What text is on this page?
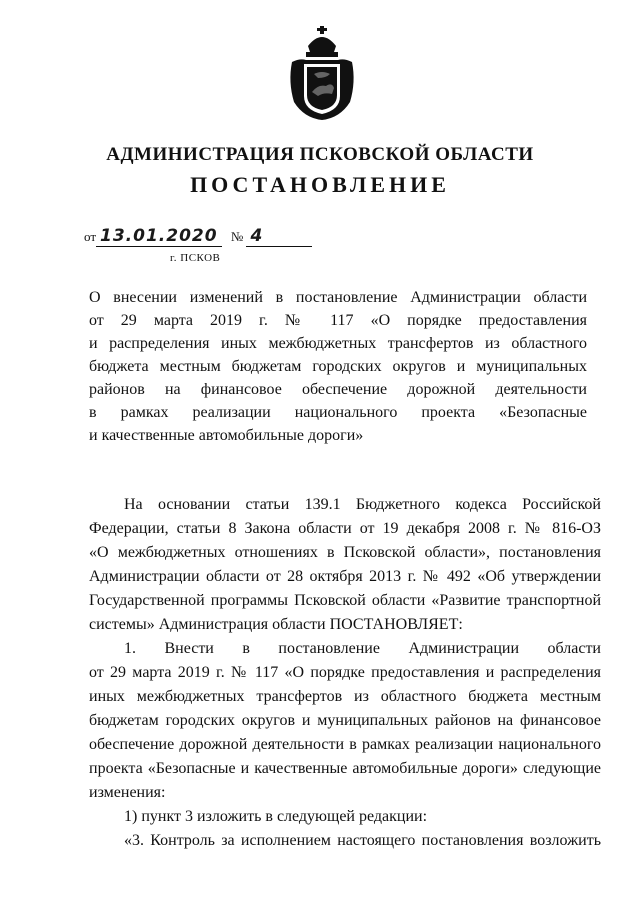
АДМИНИСТРАЦИЯ ПСКОВСКОЙ ОБЛАСТИ
ПОСТАНОВЛЕНИЕ
от 13.01.2020 № 4
г. ПСКОВ
О внесении изменений в постановление Администрации области
от 29 марта 2019 г. № 117 «О порядке предоставления
и распределения иных межбюджетных трансфертов из областного
бюджета местным бюджетам городских округов и муниципальных
районов на финансовое обеспечение дорожной деятельности
в рамках реализации национального проекта «Безопасные
и качественные автомобильные дороги»
На основании статьи 139.1 Бюджетного кодекса Российской
Федерации, статьи 8 Закона области от 19 декабря 2008 г. № 816-ОЗ
«О межбюджетных отношениях в Псковской области», постановления
Администрации области от 28 октября 2013 г. № 492 «Об утверждении
Государственной программы Псковской области «Развитие транспортной
системы» Администрация области ПОСТАНОВЛЯЕТ:
1. Внести в постановление Администрации области
от 29 марта 2019 г. № 117 «О порядке предоставления и распределения
иных межбюджетных трансфертов из областного бюджета местным
бюджетам городских округов и муниципальных районов на финансовое
обеспечение дорожной деятельности в рамках реализации национального
проекта «Безопасные и качественные автомобильные дороги» следующие
изменения:
1) пункт 3 изложить в следующей редакции:
«3. Контроль за исполнением настоящего постановления возложить
